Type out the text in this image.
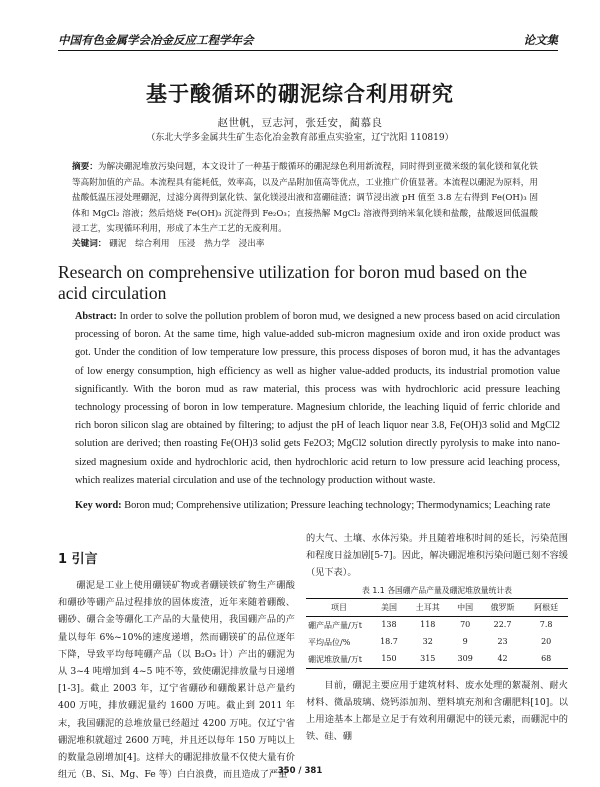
中国有色金属学会冶金反应工程学年会	论文集
基于酸循环的硼泥综合利用研究
赵世帆，豆志河，张廷安，蔺慕良
（东北大学多金属共生矿生态化冶金教育部重点实验室，辽宁沈阳 110819）
摘要：为解决硼泥堆放污染问题，本文设计了一种基于酸循环的硼泥绿色利用新流程，同时得到亚微米级的氧化镁和氧化铁等高附加值的产品。本流程具有能耗低，效率高，以及产品附加值高等优点，工业推广价值显著。本流程以硼泥为原料，用盐酸低温压浸处理硼泥，过滤分离得到氯化铁、氯化镁浸出液和富硼硅渣；调节浸出液 pH 值至 3.8 左右得到 Fe(OH)₃ 固体和 MgCl₂ 溶液；然后焙烧 Fe(OH)₃ 沉淀得到 Fe₂O₃；直接热解 MgCl₂ 溶液得到纳米氧化镁和盐酸，盐酸返回低温酸浸工艺，实现循环利用，形成了本生产工艺的无废利用。
关键词： 硼泥 综合利用 压浸 热力学 浸出率
Research on comprehensive utilization for boron mud based on the acid circulation
Abstract: In order to solve the pollution problem of boron mud, we designed a new process based on acid circulation processing of boron. At the same time, high value-added sub-micron magnesium oxide and iron oxide product was got. Under the condition of low temperature low pressure, this process disposes of boron mud, it has the advantages of low energy consumption, high efficiency as well as higher value-added products, its industrial promotion value significantly. With the boron mud as raw material, this process was with hydrochloric acid pressure leaching technology processing of boron in low temperature. Magnesium chloride, the leaching liquid of ferric chloride and rich boron silicon slag are obtained by filtering; to adjust the pH of leach liquor near 3.8, Fe(OH)3 solid and MgCl2 solution are derived; then roasting Fe(OH)3 solid gets Fe2O3; MgCl2 solution directly pyrolysis to make into nano-sized magnesium oxide and hydrochloric acid, then hydrochloric acid return to low pressure acid leaching process, which realizes material circulation and use of the technology production without waste.
Key word: Boron mud; Comprehensive utilization; Pressure leaching technology; Thermodynamics; Leaching rate
1 引言

硼泥是工业上使用硼镁矿物或者硼镁铁矿物生产硼酸和硼砂等硼产品过程排放的固体废渣，近年来随着硼酸、硼砂、硼合金等硼化工产品的大量使用，我国硼产品的产量以每年 6%~10%的速度递增，然而硼镁矿的品位逐年下降，导致平均每吨硼产品（以 B₂O₃ 计）产出的硼泥为从 3~4 吨增加到 4~5 吨不等，致使硼泥排放量与日递增[1-3]。截止 2003 年，辽宁省硼砂和硼酸累计总产量约 400 万吨，排放硼泥量约 1600 万吨。截止到 2011 年末，我国硼泥的总堆放量已经超过 4200 万吨。仅辽宁省硼泥堆积就超过 2600 万吨，并且还以每年 150 万吨以上的数量急剧增加[4]。这样大的硼泥排放量不仅使大量有价组元（B、Si、Mg、Fe 等）白白浪费，而且造成了严重

的大气、土壤、水体污染。并且随着堆积时间的延长，污染范围和程度日益加剧[5-7]。因此，解决硼泥堆积污染问题已刻不容缓（见下表）。

表 1.1 各国硼产品产量及硼泥堆放量统计表
项目	美国	土耳其	中国	俄罗斯	阿根廷
硼产品产量/万t	138	118	70	22.7	7.8
平均品位/%	18.7	32	9	23	20
硼泥堆放量/万t	150	315	309	42	68

目前，硼泥主要应用于建筑材料、废水处理的絮凝剂、耐火材料、微晶玻璃、烧钙添加剂、塑料填充剂和含硼肥料[10]。以上用途基本上都是立足于有效利用硼泥中的镁元素，而硼泥中的铁、硅、硼

350 / 381
